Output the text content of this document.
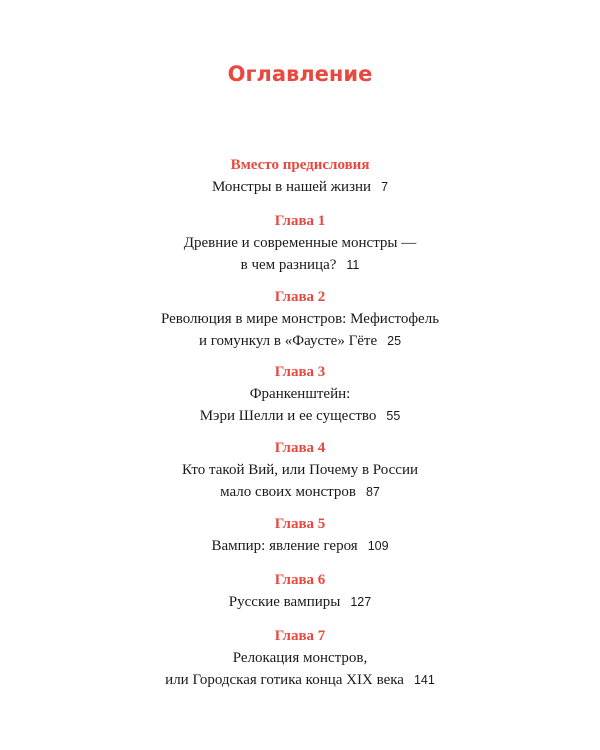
Оглавление
Вместо предисловия
Монстры в нашей жизни 7
Глава 1
Древние и современные монстры —
в чем разница? 11
Глава 2
Революция в мире монстров: Мефистофель
и гомункул в «Фаусте» Гёте 25
Глава 3
Франкенштейн:
Мэри Шелли и ее существо 55
Глава 4
Кто такой Вий, или Почему в России
мало своих монстров 87
Глава 5
Вампир: явление героя 109
Глава 6
Русские вампиры 127
Глава 7
Релокация монстров,
или Городская готика конца XIX века 141
